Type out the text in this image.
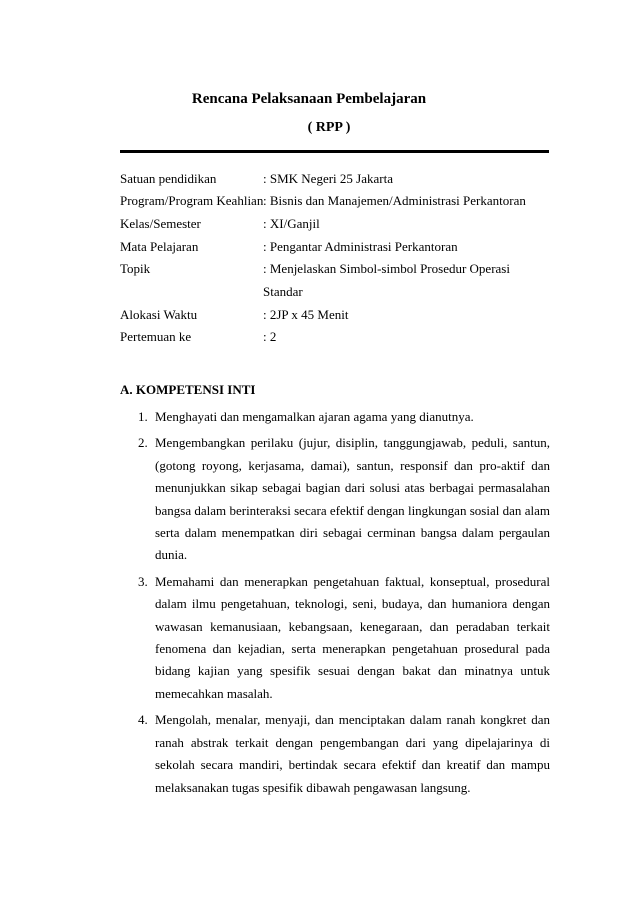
Rencana Pelaksanaan Pembelajaran
( RPP )
Satuan pendidikan	: SMK Negeri 25 Jakarta
Program/Program Keahlian : Bisnis dan Manajemen/Administrasi Perkantoran
Kelas/Semester	: XI/Ganjil
Mata Pelajaran	: Pengantar Administrasi Perkantoran
Topik	: Menjelaskan Simbol-simbol Prosedur Operasi
Standar
Alokasi Waktu	: 2JP x 45 Menit
Pertemuan ke	: 2
A. KOMPETENSI INTI
1. Menghayati dan mengamalkan ajaran agama yang dianutnya.
2. Mengembangkan perilaku (jujur, disiplin, tanggungjawab, peduli, santun, (gotong royong, kerjasama, damai), santun, responsif dan pro-aktif dan menunjukkan sikap sebagai bagian dari solusi atas berbagai permasalahan bangsa dalam berinteraksi secara efektif dengan lingkungan sosial dan alam serta dalam menempatkan diri sebagai cerminan bangsa dalam pergaulan dunia.
3. Memahami dan menerapkan pengetahuan faktual, konseptual, prosedural dalam ilmu pengetahuan, teknologi, seni, budaya, dan humaniora dengan wawasan kemanusiaan, kebangsaan, kenegaraan, dan peradaban terkait fenomena dan kejadian, serta menerapkan pengetahuan prosedural pada bidang kajian yang spesifik sesuai dengan bakat dan minatnya untuk memecahkan masalah.
4. Mengolah, menalar, menyaji, dan menciptakan dalam ranah kongkret dan ranah abstrak terkait dengan pengembangan dari yang dipelajarinya di sekolah secara mandiri, bertindak secara efektif dan kreatif dan mampu melaksanakan tugas spesifik dibawah pengawasan langsung.
